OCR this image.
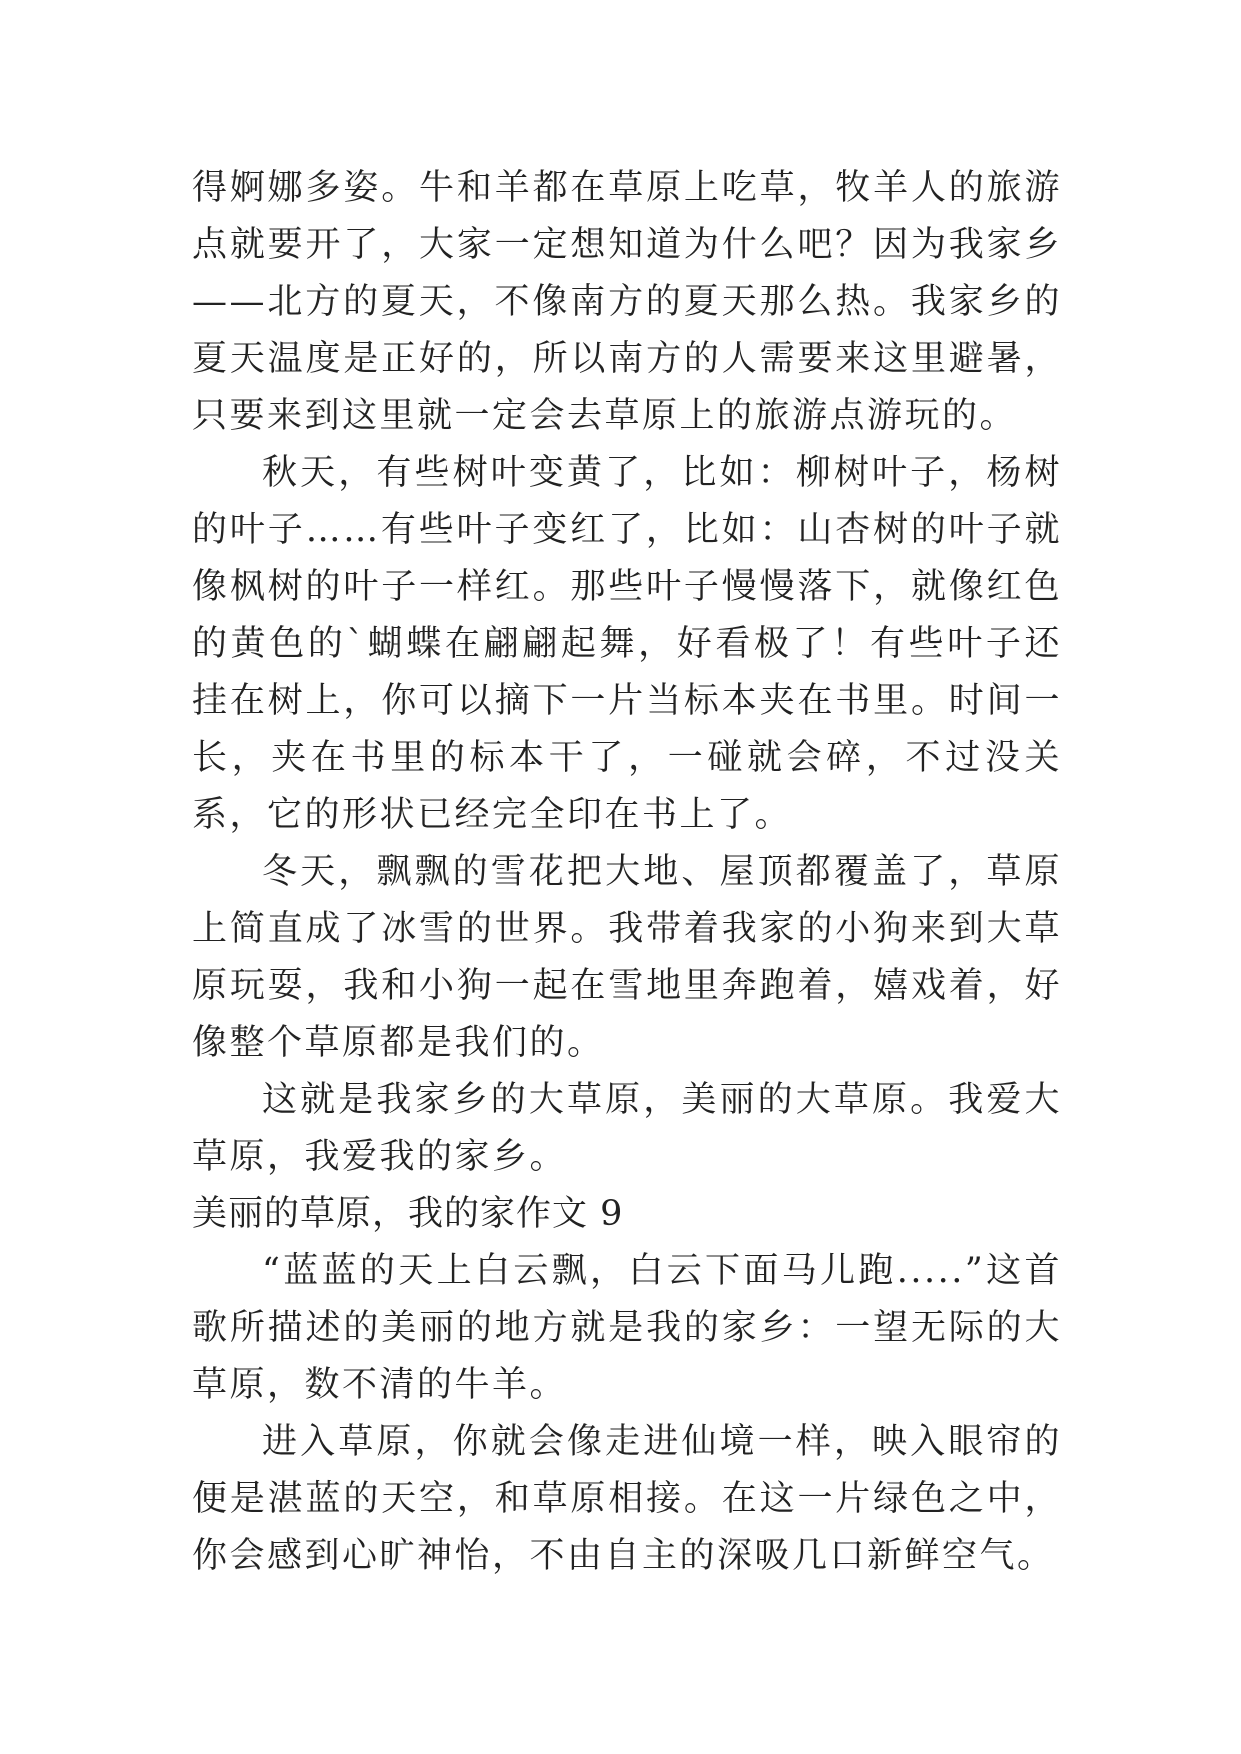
得婀娜多姿。牛和羊都在草原上吃草，牧羊人的旅游点就要开了，大家一定想知道为什么吧？因为我家乡——北方的夏天，不像南方的夏天那么热。我家乡的夏天温度是正好的，所以南方的人需要来这里避暑，只要来到这里就一定会去草原上的旅游点游玩的。

秋天，有些树叶变黄了，比如：柳树叶子，杨树的叶子……有些叶子变红了，比如：山杏树的叶子就像枫树的叶子一样红。那些叶子慢慢落下，就像红色的黄色的`蝴蝶在翩翩起舞，好看极了！有些叶子还挂在树上，你可以摘下一片当标本夹在书里。时间一长，夹在书里的标本干了，一碰就会碎，不过没关系，它的形状已经完全印在书上了。

冬天，飘飘的雪花把大地、屋顶都覆盖了，草原上简直成了冰雪的世界。我带着我家的小狗来到大草原玩耍，我和小狗一起在雪地里奔跑着，嬉戏着，好像整个草原都是我们的。

这就是我家乡的大草原，美丽的大草原。我爱大草原，我爱我的家乡。

美丽的草原，我的家作文 9

“蓝蓝的天上白云飘，白云下面马儿跑.....”这首歌所描述的美丽的地方就是我的家乡：一望无际的大草原，数不清的牛羊。

进入草原，你就会像走进仙境一样，映入眼帘的便是湛蓝的天空，和草原相接。在这一片绿色之中，你会感到心旷神怡，不由自主的深吸几口新鲜空气。
